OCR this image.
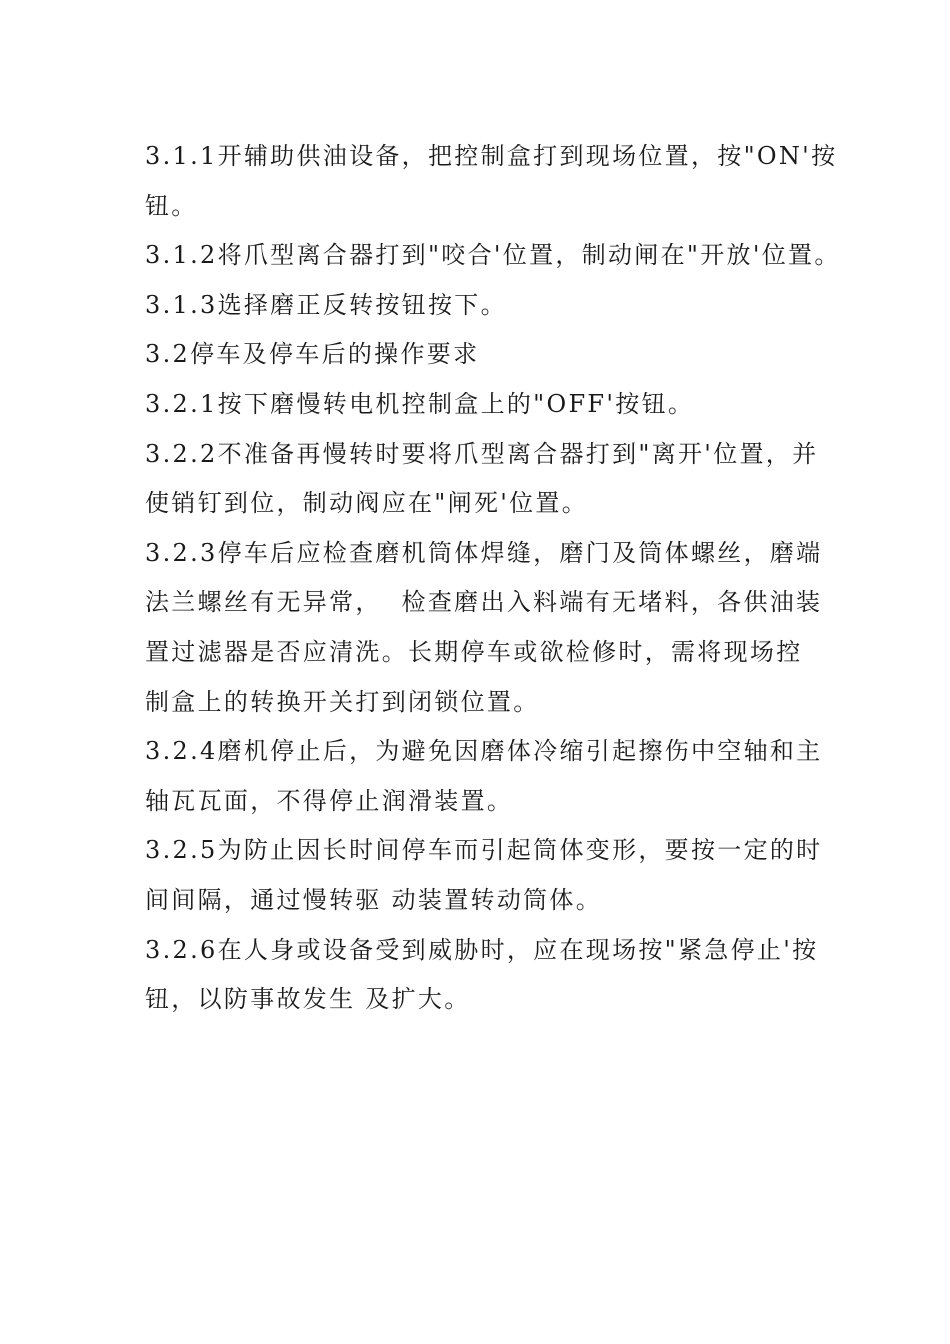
3.1.1开辅助供油设备，把控制盒打到现场位置，按"ON'按

钮。

3.1.2将爪型离合器打到"咬合'位置，制动闸在"开放'位置。

3.1.3选择磨正反转按钮按下。

3.2停车及停车后的操作要求

3.2.1按下磨慢转电机控制盒上的"OFF'按钮。

3.2.2不准备再慢转时要将爪型离合器打到"离开'位置，并

使销钉到位，制动阀应在"闸死'位置。

3.2.3停车后应检查磨机筒体焊缝，磨门及筒体螺丝，磨端

法兰螺丝有无异常，  检查磨出入料端有无堵料，各供油装

置过滤器是否应清洗。长期停车或欲检修时，需将现场控

制盒上的转换开关打到闭锁位置。

3.2.4磨机停止后，为避免因磨体冷缩引起擦伤中空轴和主

轴瓦瓦面，不得停止润滑装置。

3.2.5为防止因长时间停车而引起筒体变形，要按一定的时

间间隔，通过慢转驱 动装置转动筒体。

3.2.6在人身或设备受到威胁时，应在现场按"紧急停止'按

钮，以防事故发生 及扩大。
